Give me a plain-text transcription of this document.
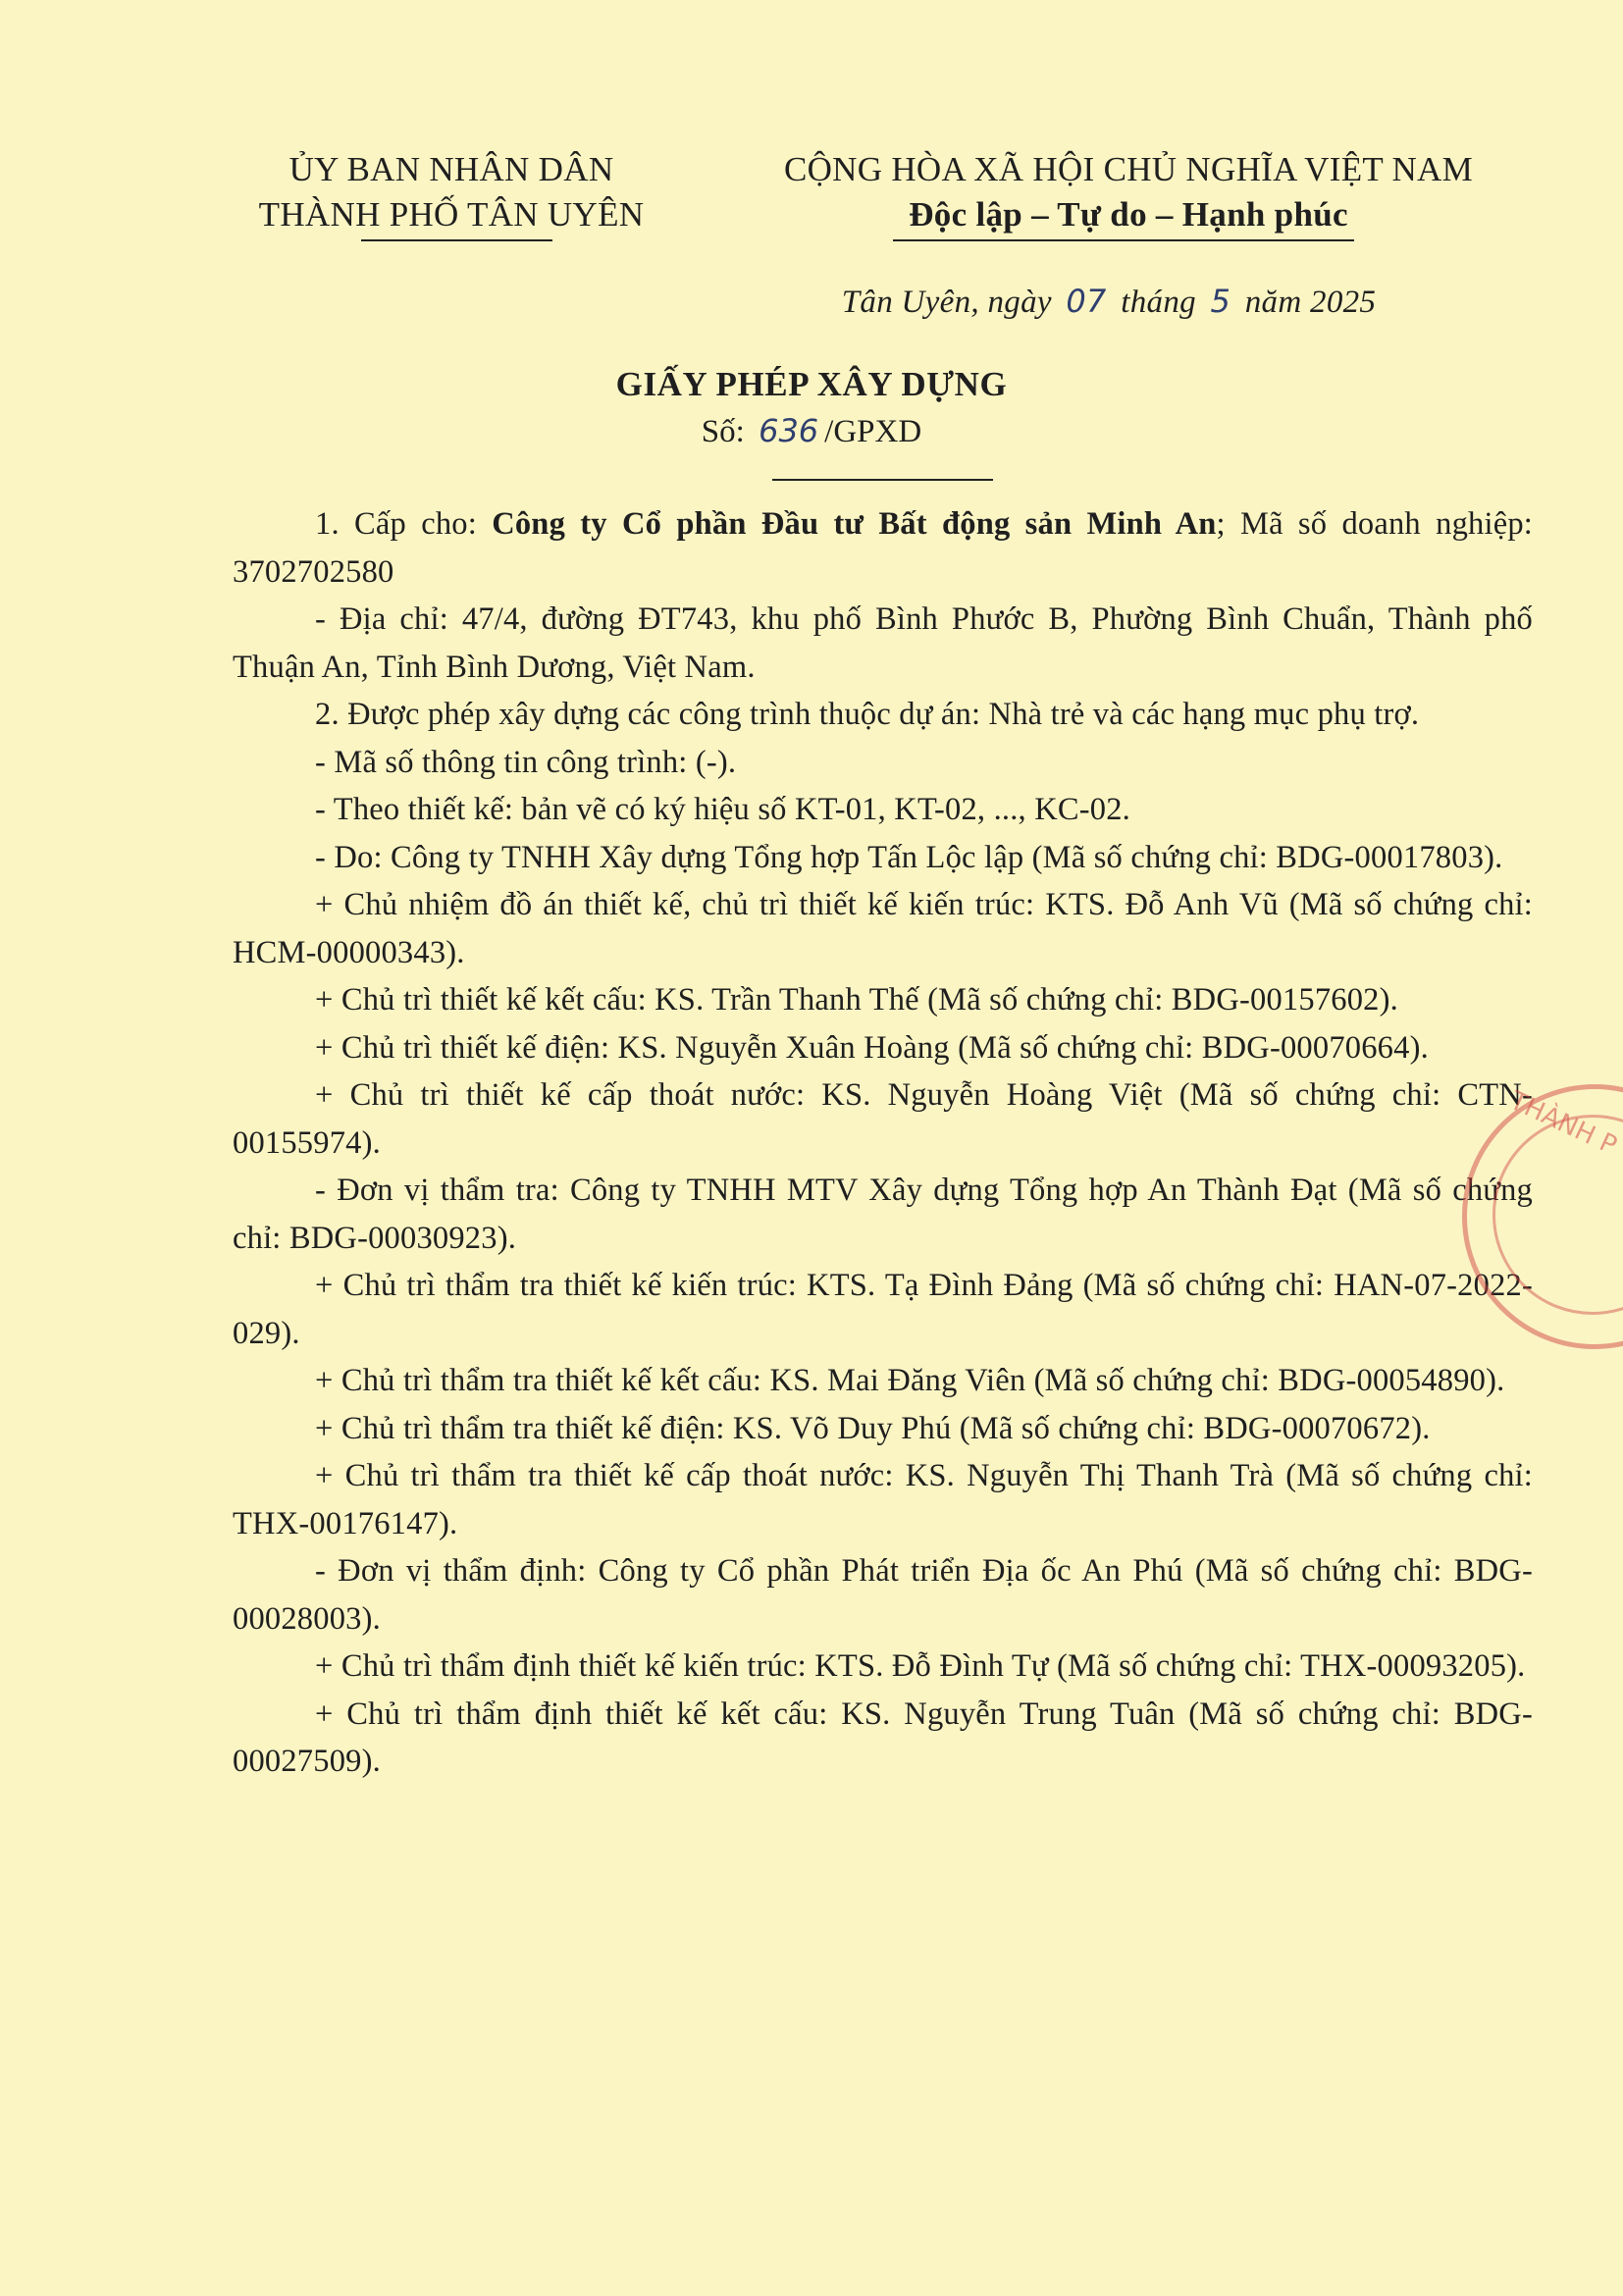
ỦY BAN NHÂN DÂN
THÀNH PHỐ TÂN UYÊN
CỘNG HÒA XÃ HỘI CHỦ NGHĨA VIỆT NAM
Độc lập – Tự do – Hạnh phúc
Tân Uyên, ngày 07 tháng 5 năm 2025
GIẤY PHÉP XÂY DỰNG
Số: 636 /GPXD

1. Cấp cho: Công ty Cổ phần Đầu tư Bất động sản Minh An; Mã số doanh nghiệp: 3702702580

- Địa chỉ: 47/4, đường ĐT743, khu phố Bình Phước B, Phường Bình Chuẩn, Thành phố Thuận An, Tỉnh Bình Dương, Việt Nam.

2. Được phép xây dựng các công trình thuộc dự án: Nhà trẻ và các hạng mục phụ trợ.

- Mã số thông tin công trình: (-).

- Theo thiết kế: bản vẽ có ký hiệu số KT-01, KT-02, ..., KC-02.

- Do: Công ty TNHH Xây dựng Tổng hợp Tấn Lộc lập (Mã số chứng chỉ: BDG-00017803).

+ Chủ nhiệm đồ án thiết kế, chủ trì thiết kế kiến trúc: KTS. Đỗ Anh Vũ (Mã số chứng chỉ: HCM-00000343).

+ Chủ trì thiết kế kết cấu: KS. Trần Thanh Thế (Mã số chứng chỉ: BDG-00157602).

+ Chủ trì thiết kế điện: KS. Nguyễn Xuân Hoàng (Mã số chứng chỉ: BDG-00070664).

+ Chủ trì thiết kế cấp thoát nước: KS. Nguyễn Hoàng Việt (Mã số chứng chỉ: CTN-00155974).

- Đơn vị thẩm tra: Công ty TNHH MTV Xây dựng Tổng hợp An Thành Đạt (Mã số chứng chỉ: BDG-00030923).

+ Chủ trì thẩm tra thiết kế kiến trúc: KTS. Tạ Đình Đảng (Mã số chứng chỉ: HAN-07-2022-029).

+ Chủ trì thẩm tra thiết kế kết cấu: KS. Mai Đăng Viên (Mã số chứng chỉ: BDG-00054890).

+ Chủ trì thẩm tra thiết kế điện: KS. Võ Duy Phú (Mã số chứng chỉ: BDG-00070672).

+ Chủ trì thẩm tra thiết kế cấp thoát nước: KS. Nguyễn Thị Thanh Trà (Mã số chứng chỉ: THX-00176147).

- Đơn vị thẩm định: Công ty Cổ phần Phát triển Địa ốc An Phú (Mã số chứng chỉ: BDG-00028003).

+ Chủ trì thẩm định thiết kế kiến trúc: KTS. Đỗ Đình Tự (Mã số chứng chỉ: THX-00093205).

+ Chủ trì thẩm định thiết kế kết cấu: KS. Nguyễn Trung Tuân (Mã số chứng chỉ: BDG-00027509).

THÀNH P
